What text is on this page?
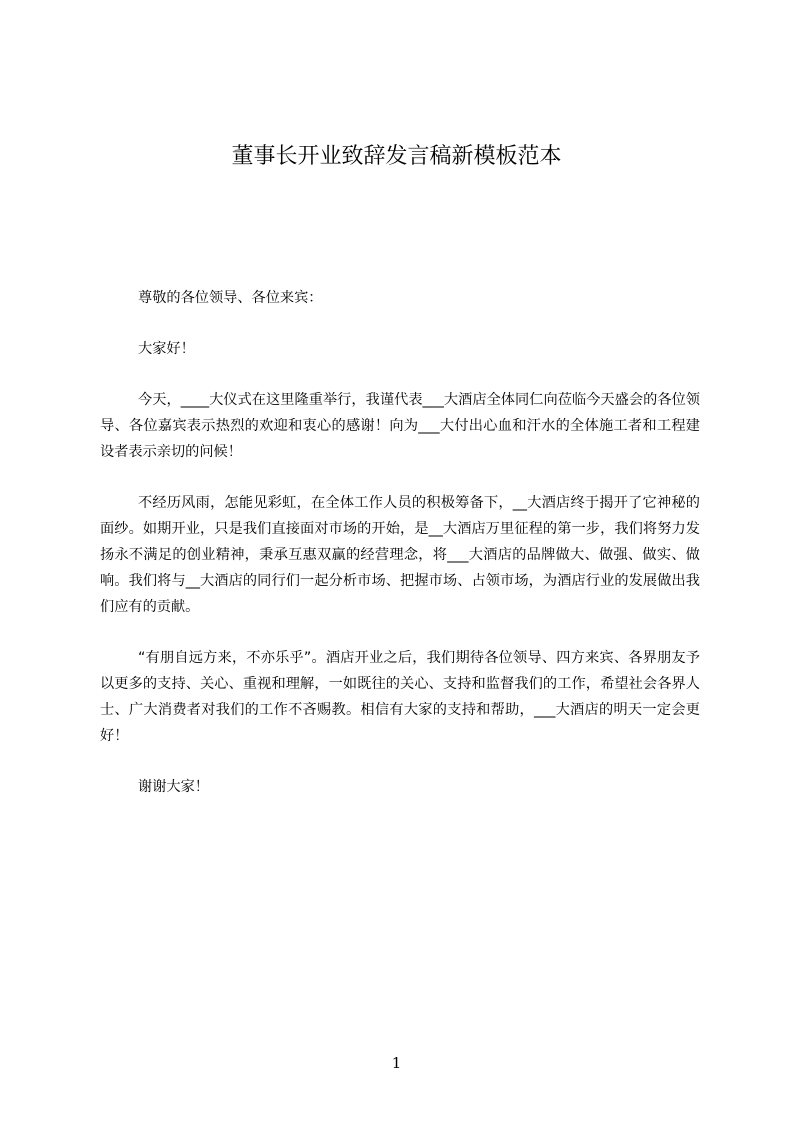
董事长开业致辞发言稿新模板范本

尊敬的各位领导、各位来宾：

大家好！

今天，____大仪式在这里隆重举行，我谨代表___大酒店全体同仁向莅临今天盛会的各位领导、各位嘉宾表示热烈的欢迎和衷心的感谢！向为___大付出心血和汗水的全体施工者和工程建设者表示亲切的问候！

不经历风雨，怎能见彩虹，在全体工作人员的积极筹备下，__大酒店终于揭开了它神秘的面纱。如期开业，只是我们直接面对市场的开始，是__大酒店万里征程的第一步，我们将努力发扬永不满足的创业精神，秉承互惠双赢的经营理念，将___大酒店的品牌做大、做强、做实、做响。我们将与__大酒店的同行们一起分析市场、把握市场、占领市场，为酒店行业的发展做出我们应有的贡献。

“有朋自远方来，不亦乐乎”。酒店开业之后，我们期待各位领导、四方来宾、各界朋友予以更多的支持、关心、重视和理解，一如既往的关心、支持和监督我们的工作，希望社会各界人士、广大消费者对我们的工作不吝赐教。相信有大家的支持和帮助，___大酒店的明天一定会更好！

谢谢大家！

1
